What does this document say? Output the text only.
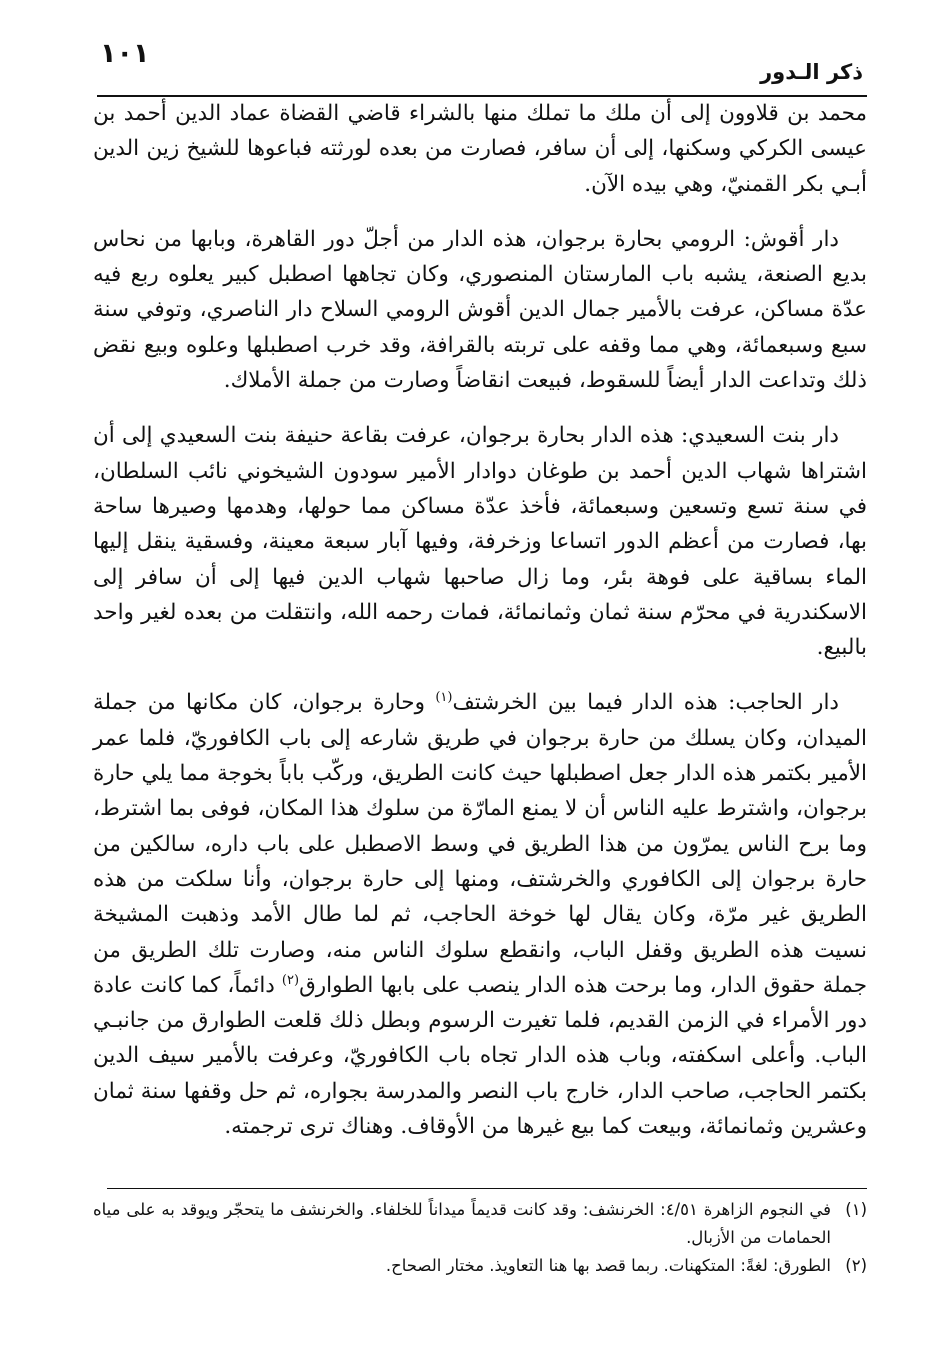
١٠١
ذكر الـدور

محمد بن قلاوون إلى أن ملك ما تملك منها بالشراء قاضي القضاة عماد الدين أحمد بن عيسى الكركي وسكنها، إلى أن سافر، فصارت من بعده لورثته فباعوها للشيخ زين الدين أبـي بكر القمنيّ، وهي بيده الآن.

دار أقوش: الرومي بحارة برجوان، هذه الدار من أجلّ دور القاهرة، وبابها من نحاس بديع الصنعة، يشبه باب المارستان المنصوري، وكان تجاهها اصطبل كبير يعلوه ربع فيه عدّة مساكن، عرفت بالأمير جمال الدين أقوش الرومي السلاح دار الناصري، وتوفي سنة سبع وسبعمائة، وهي مما وقفه على تربته بالقرافة، وقد خرب اصطبلها وعلوه وبيع نقض ذلك وتداعت الدار أيضاً للسقوط، فبيعت انقاضاً وصارت من جملة الأملاك.

دار بنت السعيدي: هذه الدار بحارة برجوان، عرفت بقاعة حنيفة بنت السعيدي إلى أن اشتراها شهاب الدين أحمد بن طوغان دوادار الأمير سودون الشيخوني نائب السلطان، في سنة تسع وتسعين وسبعمائة، فأخذ عدّة مساكن مما حولها، وهدمها وصيرها ساحة بها، فصارت من أعظم الدور اتساعا وزخرفة، وفيها آبار سبعة معينة، وفسقية ينقل إليها الماء بساقية على فوهة بئر، وما زال صاحبها شهاب الدين فيها إلى أن سافر إلى الاسكندرية في محرّم سنة ثمان وثمانمائة، فمات رحمه الله، وانتقلت من بعده لغير واحد بالبيع.

دار الحاجب: هذه الدار فيما بين الخرشتف$^{(١)}$ وحارة برجوان، كان مكانها من جملة الميدان، وكان يسلك من حارة برجوان في طريق شارعه إلى باب الكافوريّ، فلما عمر الأمير بكتمر هذه الدار جعل اصطبلها حيث كانت الطريق، وركّب باباً بخوجة مما يلي حارة برجوان، واشترط عليه الناس أن لا يمنع المارّة من سلوك هذا المكان، فوفى بما اشترط، وما برح الناس يمرّون من هذا الطريق في وسط الاصطبل على باب داره، سالكين من حارة برجوان إلى الكافوري والخرشتف، ومنها إلى حارة برجوان، وأنا سلكت من هذه الطريق غير مرّة، وكان يقال لها خوخة الحاجب، ثم لما طال الأمد وذهبت المشيخة نسيت هذه الطريق وقفل الباب، وانقطع سلوك الناس منه، وصارت تلك الطريق من جملة حقوق الدار، وما برحت هذه الدار ينصب على بابها الطوارق$^{(٢)}$ دائماً، كما كانت عادة دور الأمراء في الزمن القديم، فلما تغيرت الرسوم وبطل ذلك قلعت الطوارق من جانبـي الباب. وأعلى اسكفته، وباب هذه الدار تجاه باب الكافوريّ، وعرفت بالأمير سيف الدين بكتمر الحاجب، صاحب الدار، خارج باب النصر والمدرسة بجواره، ثم حل وقفها سنة ثمان وعشرين وثمانمائة، وبيعت كما بيع غيرها من الأوقاف. وهناك ترى ترجمته.

(١)
في النجوم الزاهرة ٤/٥١: الخرنشف: وقد كانت قديماً ميداناً للخلفاء. والخرنشف ما يتحجّر ويوقد به على مياه الحمامات من الأزبال.

(٢)
الطورق: لغةً: المتكهنات. ربما قصد بها هنا التعاويذ. مختار الصحاح.
